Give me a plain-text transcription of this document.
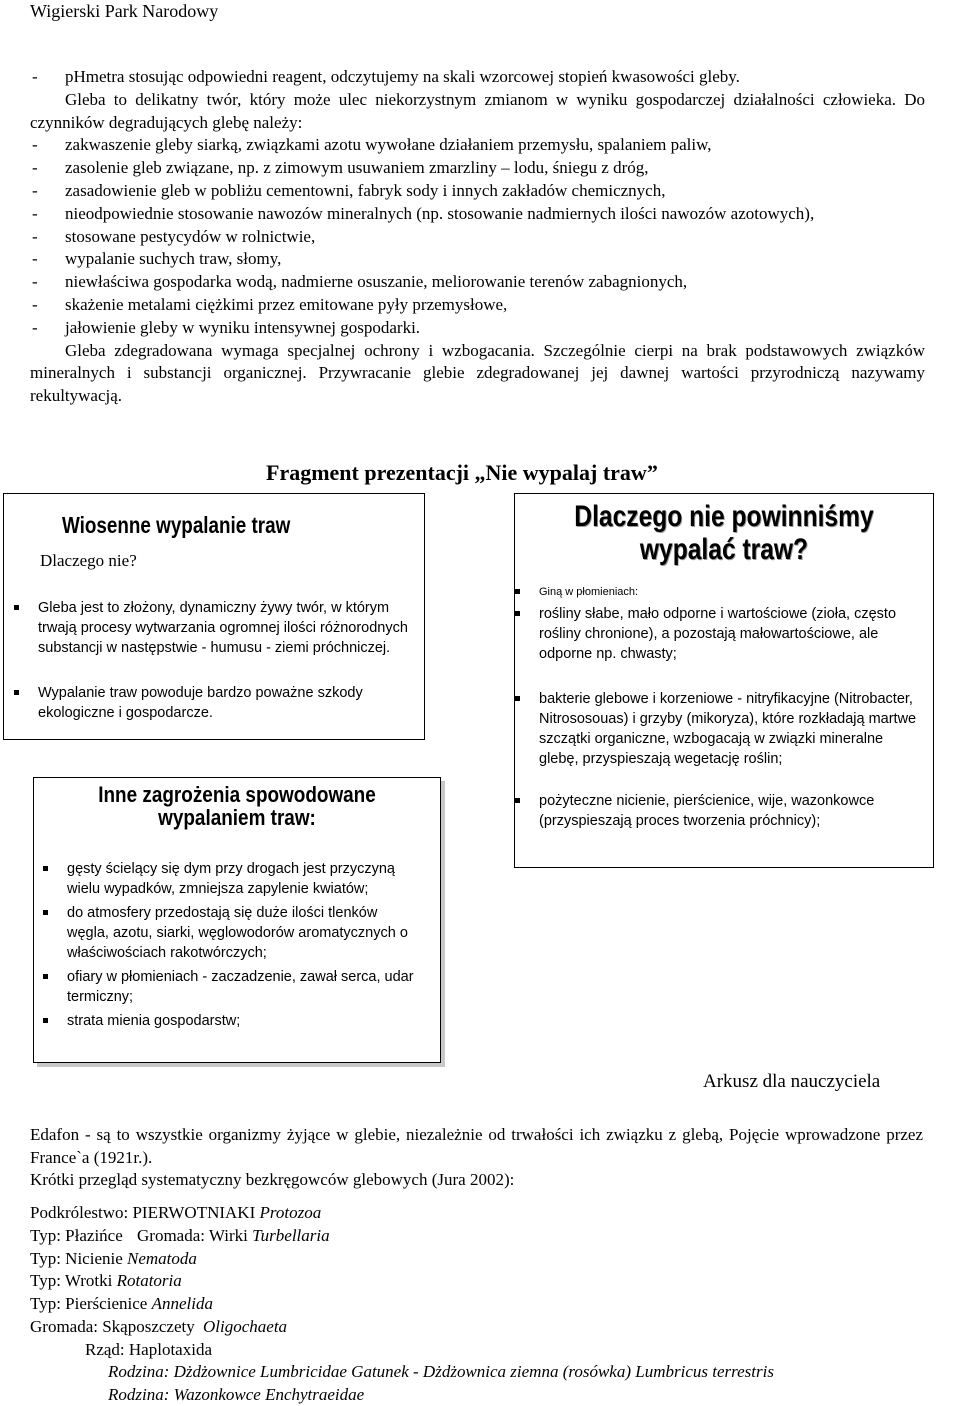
Wigierski Park Narodowy
- pHmetra stosując odpowiedni reagent, odczytujemy na skali wzorcowej stopień kwasowości gleby.
Gleba to delikatny twór, który może ulec niekorzystnym zmianom w wyniku gospodarczej działalności człowieka. Do czynników degradujących glebę należy:
- zakwaszenie gleby siarką, związkami azotu wywołane działaniem przemysłu, spalaniem paliw,
- zasolenie gleb związane, np. z zimowym usuwaniem zmarzliny – lodu, śniegu z dróg,
- zasadowienie gleb w pobliżu cementowni, fabryk sody i innych zakładów chemicznych,
- nieodpowiednie stosowanie nawozów mineralnych (np. stosowanie nadmiernych ilości nawozów azotowych),
- stosowane pestycydów w rolnictwie,
- wypalanie suchych traw, słomy,
- niewłaściwa gospodarka wodą, nadmierne osuszanie, meliorowanie terenów zabagnionych,
- skażenie metalami ciężkimi przez emitowane pyły przemysłowe,
- jałowienie gleby w wyniku intensywnej gospodarki.
Gleba zdegradowana wymaga specjalnej ochrony i wzbogacania. Szczególnie cierpi na brak podstawowych związków mineralnych i substancji organicznej. Przywracanie glebie zdegradowanej jej dawnej wartości przyrodniczą nazywamy rekultywacją.
Fragment prezentacji „Nie wypalaj traw”
Wiosenne wypalanie traw
Dlaczego nie?
Gleba jest to złożony, dynamiczny żywy twór, w którym trwają procesy wytwarzania ogromnej ilości różnorodnych substancji w następstwie - humusu - ziemi próchniczej.
Wypalanie traw powoduje bardzo poważne szkody ekologiczne i gospodarcze.
Inne zagrożenia spowodowane wypalaniem traw:
gęsty ścielący się dym przy drogach jest przyczyną wielu wypadków, zmniejsza zapylenie kwiatów;
do atmosfery przedostają się duże ilości tlenków węgla, azotu, siarki, węglowodorów aromatycznych o właściwościach rakotwórczych;
ofiary w płomieniach - zaczadzenie, zawał serca, udar termiczny;
strata mienia gospodarstw;
Dlaczego nie powinniśmy wypalać traw?
Giną w płomieniach:
rośliny słabe, mało odporne i wartościowe (zioła, często rośliny chronione), a pozostają małowartościowe, ale odporne np. chwasty;
bakterie glebowe i korzeniowe - nitryfikacyjne (Nitrobacter, Nitrososouas) i grzyby (mikoryza), które rozkładają martwe szczątki organiczne, wzbogacają w związki mineralne glebę, przyspieszają wegetację roślin;
pożyteczne nicienie, pierścienice, wije, wazonkowce (przyspieszają proces tworzenia próchnicy);
Arkusz dla nauczyciela
Edafon - są to wszystkie organizmy żyjące w glebie, niezależnie od trwałości ich związku z glebą, Pojęcie wprowadzone przez France`a (1921r.).
Krótki przegląd systematyczny bezkręgowców glebowych (Jura 2002):
Podkrólestwo: PIERWOTNIAKI Protozoa
Typ: Płazińce Gromada: Wirki Turbellaria
Typ: Nicienie Nematoda
Typ: Wrotki Rotatoria
Typ: Pierścienice Annelida
Gromada: Skąposzczety Oligochaeta
Rząd: Haplotaxida
Rodzina: Dżdżownice Lumbricidae Gatunek - Dżdżownica ziemna (rosówka) Lumbricus terrestris
Rodzina: Wazonkowce Enchytraeidae
